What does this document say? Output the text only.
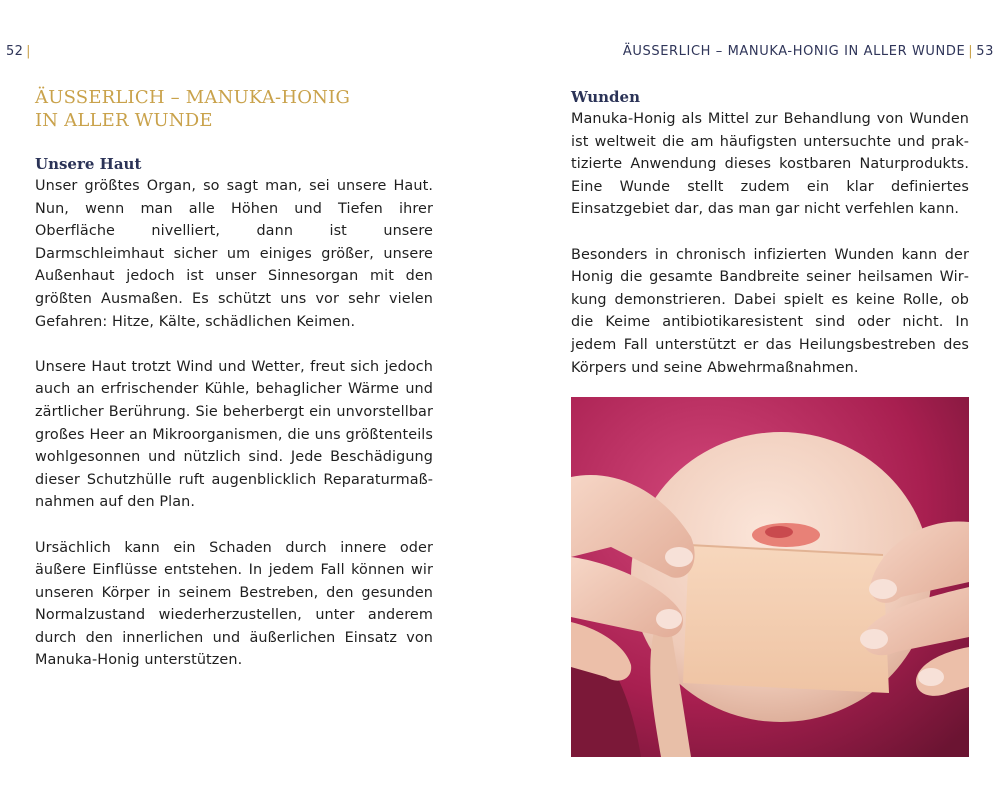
52 |	ÄUSSERLICH – MANUKA-HONIG IN ALLER WUNDE | 53
ÄUSSERLICH – MANUKA-HONIG
IN ALLER WUNDE
Unsere Haut

Unser größtes Organ, so sagt man, sei unsere Haut. Nun, wenn man alle Höhen und Tiefen ihrer Oberfläche nivelliert, dann ist unsere Darmschleimhaut sicher um einiges größer, unsere Außenhaut jedoch ist unser Sinnesorgan mit den größten Ausmaßen. Es schützt uns vor sehr vielen Gefahren: Hitze, Kälte, schädlichen Keimen.

Unsere Haut trotzt Wind und Wetter, freut sich jedoch auch an erfrischender Kühle, behaglicher Wärme und zärtlicher Berührung. Sie beherbergt ein unvorstellbar großes Heer an Mikroorganismen, die uns größtenteils wohlgesonnen und nützlich sind. Jede Beschädigung dieser Schutzhülle ruft augenblicklich Reparaturmaßnahmen auf den Plan.

Ursächlich kann ein Schaden durch innere oder äußere Einflüsse entstehen. In jedem Fall können wir unseren Körper in seinem Bestreben, den gesunden Normalzustand wiederherzustellen, unter anderem durch den innerlichen und äußerlichen Einsatz von Manuka-Honig unterstützen.

Wunden

Manuka-Honig als Mittel zur Behandlung von Wunden ist weltweit die am häufigsten untersuchte und praktizierte Anwendung dieses kostbaren Naturprodukts. Eine Wunde stellt zudem ein klar definiertes Einsatzgebiet dar, das man gar nicht verfehlen kann.

Besonders in chronisch infizierten Wunden kann der Honig die gesamte Bandbreite seiner heilsamen Wirkung demonstrieren. Dabei spielt es keine Rolle, ob die Keime antibiotikaresistent sind oder nicht. In jedem Fall unterstützt er das Heilungsbestreben des Körpers und seine Abwehrmaßnahmen.
